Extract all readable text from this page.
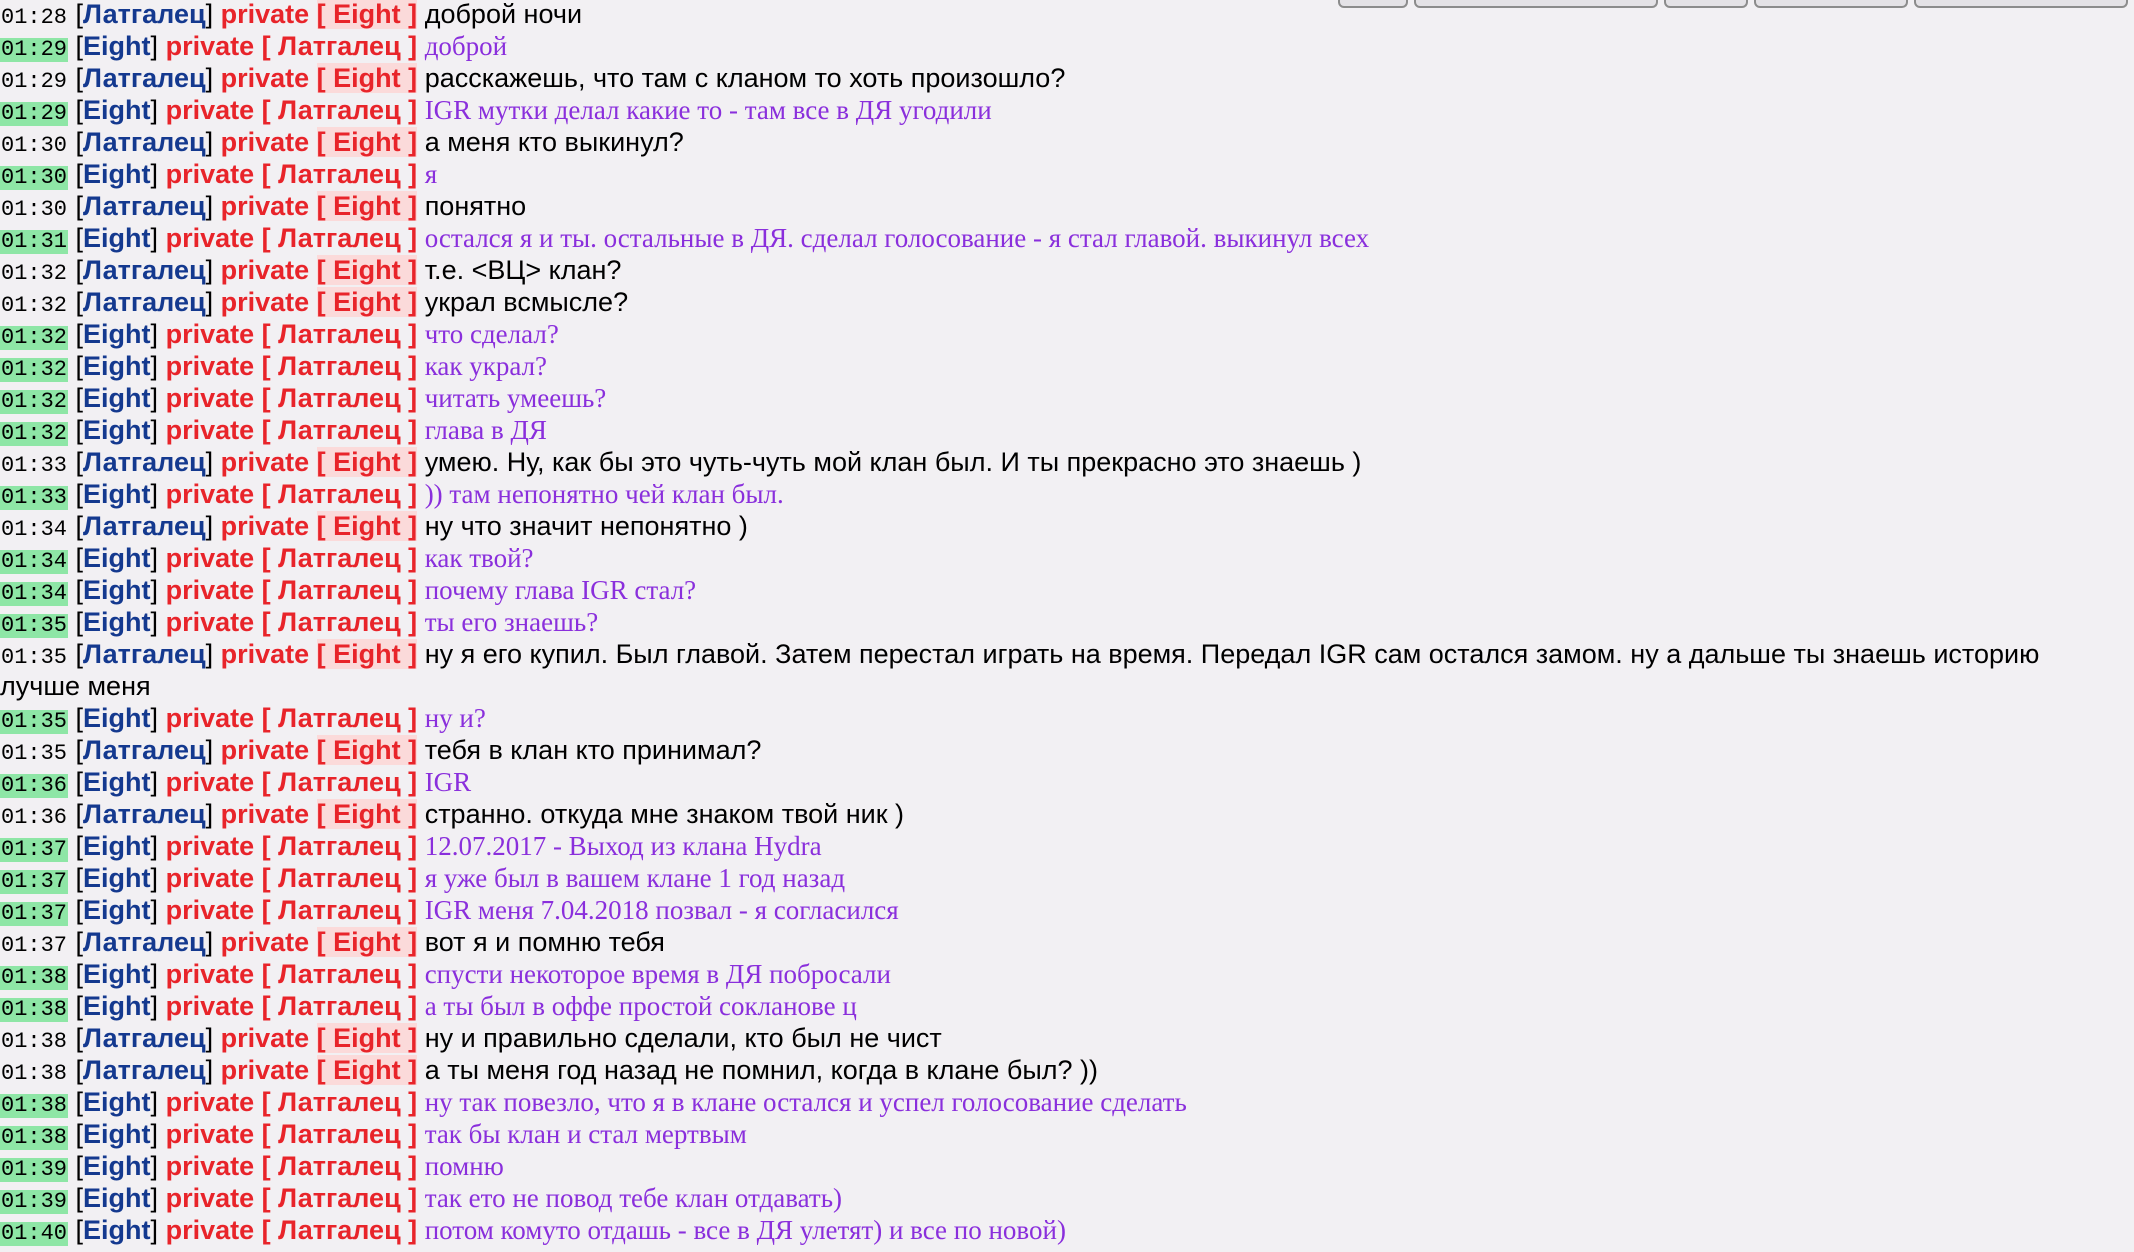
01:28 [Латгалец] private [ Eight ] доброй ночи
01:29 [Eight] private [ Латгалец ] доброй
01:29 [Латгалец] private [ Eight ] расскажешь, что там с кланом то хоть произошло?
01:29 [Eight] private [ Латгалец ] IGR мутки делал какие то - там все в ДЯ угодили
01:30 [Латгалец] private [ Eight ] а меня кто выкинул?
01:30 [Eight] private [ Латгалец ] я
01:30 [Латгалец] private [ Eight ] понятно
01:31 [Eight] private [ Латгалец ] остался я и ты. остальные в ДЯ. сделал голосование - я стал главой. выкинул всех
01:32 [Латгалец] private [ Eight ] т.е. <ВЦ> клан?
01:32 [Латгалец] private [ Eight ] украл всмысле?
01:32 [Eight] private [ Латгалец ] что сделал?
01:32 [Eight] private [ Латгалец ] как украл?
01:32 [Eight] private [ Латгалец ] читать умеешь?
01:32 [Eight] private [ Латгалец ] глава в ДЯ
01:33 [Латгалец] private [ Eight ] умею. Ну, как бы это чуть-чуть мой клан был. И ты прекрасно это знаешь )
01:33 [Eight] private [ Латгалец ] )) там непонятно чей клан был.
01:34 [Латгалец] private [ Eight ] ну что значит непонятно )
01:34 [Eight] private [ Латгалец ] как твой?
01:34 [Eight] private [ Латгалец ] почему глава IGR стал?
01:35 [Eight] private [ Латгалец ] ты его знаешь?
01:35 [Латгалец] private [ Eight ] ну я его купил. Был главой. Затем перестал играть на время. Передал IGR сам остался замом. ну а дальше ты знаешь историю лучше меня
01:35 [Eight] private [ Латгалец ] ну и?
01:35 [Латгалец] private [ Eight ] тебя в клан кто принимал?
01:36 [Eight] private [ Латгалец ] IGR
01:36 [Латгалец] private [ Eight ] странно. откуда мне знаком твой ник )
01:37 [Eight] private [ Латгалец ] 12.07.2017 - Выход из клана Hydra
01:37 [Eight] private [ Латгалец ] я уже был в вашем клане 1 год назад
01:37 [Eight] private [ Латгалец ] IGR меня 7.04.2018 позвал - я согласился
01:37 [Латгалец] private [ Eight ] вот я и помню тебя
01:38 [Eight] private [ Латгалец ] спусти некоторое время в ДЯ побросали
01:38 [Eight] private [ Латгалец ] а ты был в оффе простой сокланове ц
01:38 [Латгалец] private [ Eight ] ну и правильно сделали, кто был не чист
01:38 [Латгалец] private [ Eight ] а ты меня год назад не помнил, когда в клане был? ))
01:38 [Eight] private [ Латгалец ] ну так повезло, что я в клане остался и успел голосование сделать
01:38 [Eight] private [ Латгалец ] так бы клан и стал мертвым
01:39 [Eight] private [ Латгалец ] помню
01:39 [Eight] private [ Латгалец ] так ето не повод тебе клан отдавать)
01:40 [Eight] private [ Латгалец ] потом комуто отдашь - все в ДЯ улетят) и все по новой)
